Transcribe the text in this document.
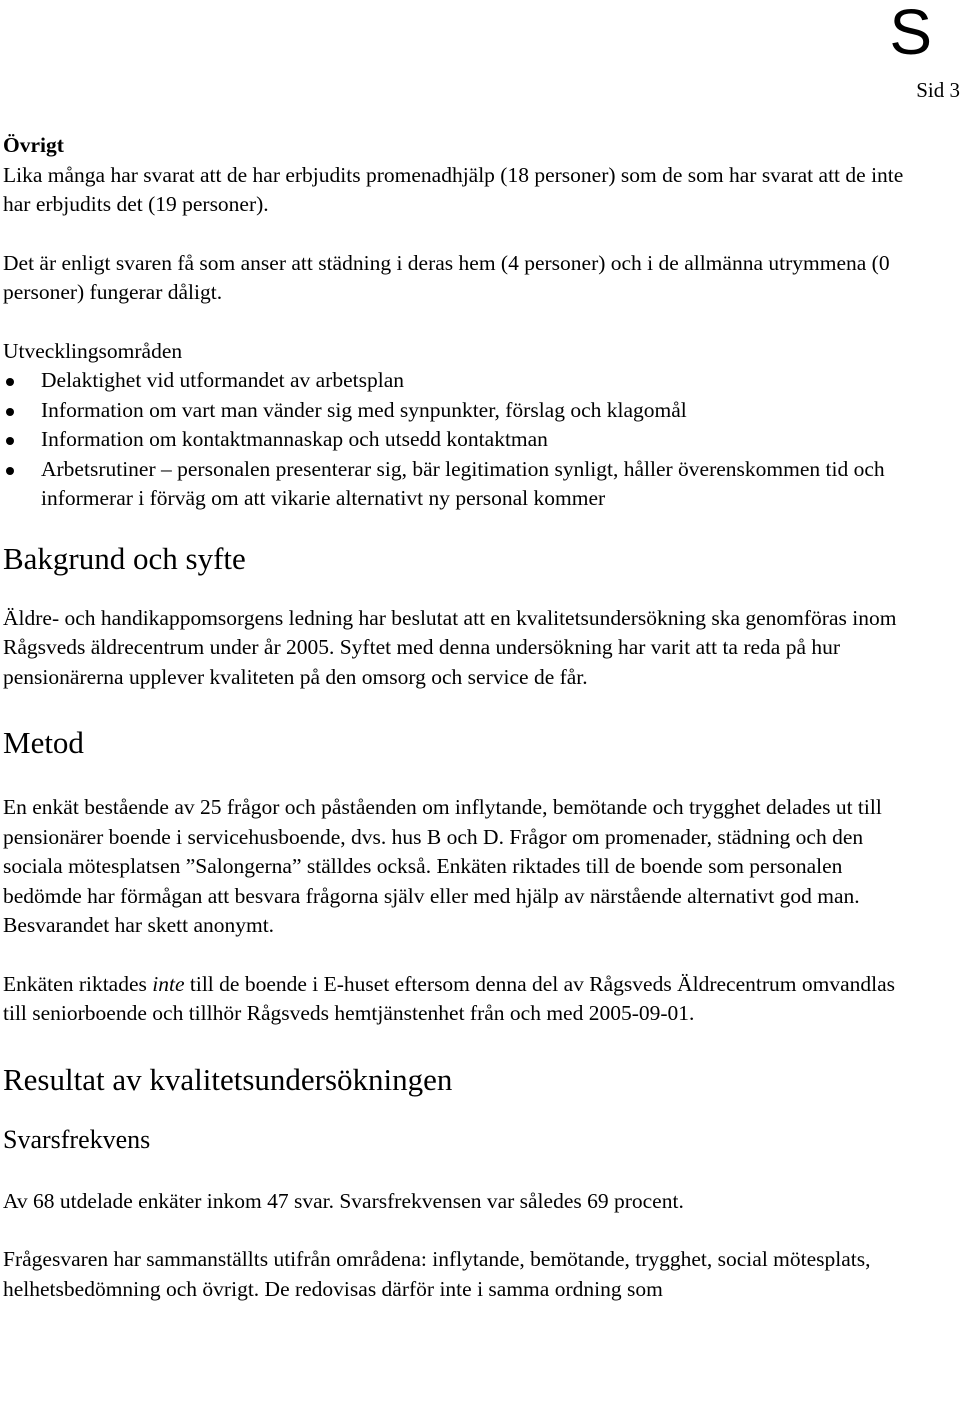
S
Sid 3
Övrigt

Lika många har svarat att de har erbjudits promenadhjälp (18 personer) som de som har svarat att de inte har erbjudits det (19 personer).

Det är enligt svaren få som anser att städning i deras hem (4 personer) och i de allmänna utrymmena (0 personer) fungerar dåligt.

Utvecklingsområden
Delaktighet vid utformandet av arbetsplan
Information om vart man vänder sig med synpunkter, förslag och klagomål
Information om kontaktmannaskap och utsedd kontaktman
Arbetsrutiner – personalen presenterar sig, bär legitimation synligt, håller överenskommen tid och informerar i förväg om att vikarie alternativt ny personal kommer
Bakgrund och syfte

Äldre- och handikappomsorgens ledning har beslutat att en kvalitetsundersökning ska genomföras inom Rågsveds äldrecentrum under år 2005. Syftet med denna undersökning har varit att ta reda på hur pensionärerna upplever kvaliteten på den omsorg och service de får.

Metod

En enkät bestående av 25 frågor och påståenden om inflytande, bemötande och trygghet delades ut till pensionärer boende i servicehusboende, dvs. hus B och D. Frågor om promenader, städning och den sociala mötesplatsen ”Salongerna” ställdes också. Enkäten riktades till de boende som personalen bedömde har förmågan att besvara frågorna själv eller med hjälp av närstående alternativt god man. Besvarandet har skett anonymt.

Enkäten riktades inte till de boende i E-huset eftersom denna del av Rågsveds Äldrecentrum omvandlas till seniorboende och tillhör Rågsveds hemtjänstenhet från och med 2005-09-01.

Resultat av kvalitetsundersökningen
Svarsfrekvens

Av 68 utdelade enkäter inkom 47 svar. Svarsfrekvensen var således 69 procent.

Frågesvaren har sammanställts utifrån områdena: inflytande, bemötande, trygghet, social mötesplats, helhetsbedömning och övrigt. De redovisas därför inte i samma ordning som
